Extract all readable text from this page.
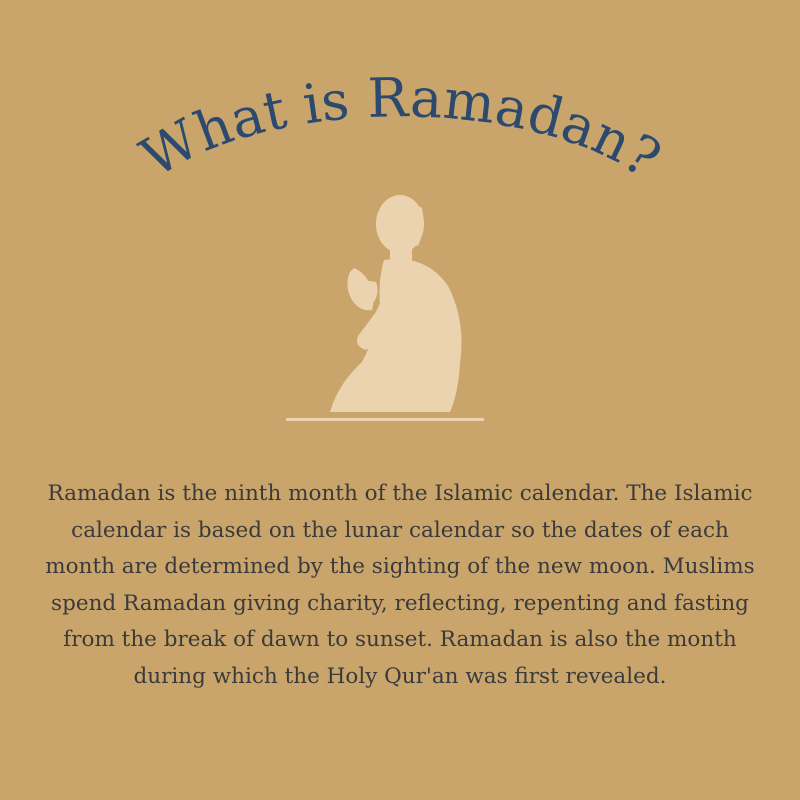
What is Ramadan?

Ramadan is the ninth month of the Islamic calendar. The Islamic calendar is based on the lunar calendar so the dates of each month are determined by the sighting of the new moon. Muslims spend Ramadan giving charity, reflecting, repenting and fasting from the break of dawn to sunset. Ramadan is also the month during which the Holy Qur'an was first revealed.
